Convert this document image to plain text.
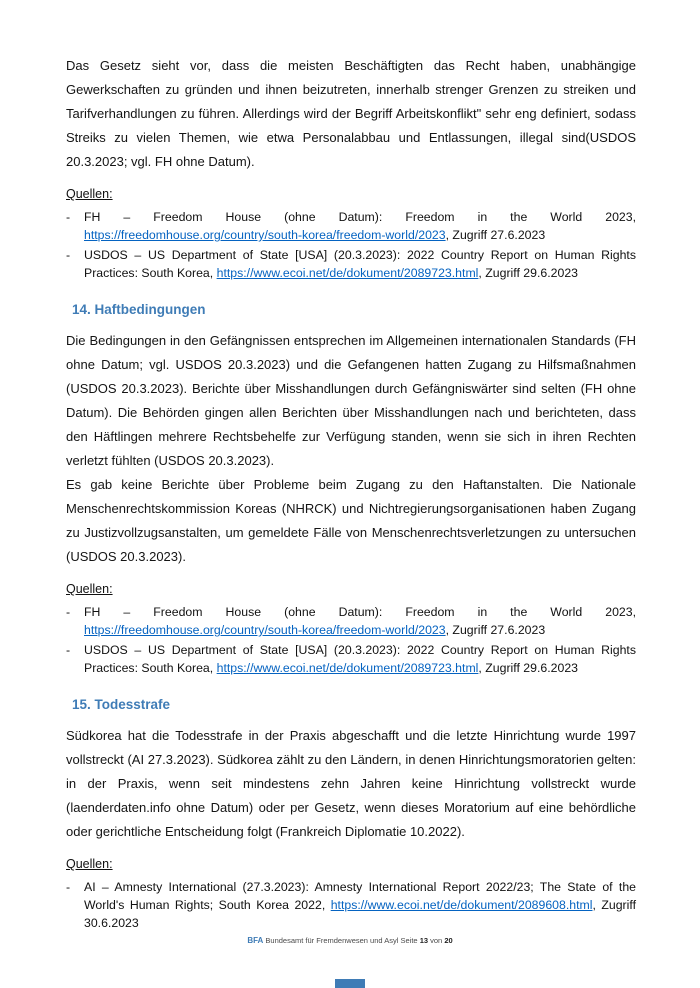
Das Gesetz sieht vor, dass die meisten Beschäftigten das Recht haben, unabhängige Gewerkschaften zu gründen und ihnen beizutreten, innerhalb strenger Grenzen zu streiken und Tarifverhandlungen zu führen. Allerdings wird der Begriff Arbeitskonflikt" sehr eng definiert, sodass Streiks zu vielen Themen, wie etwa Personalabbau und Entlassungen, illegal sind(USDOS 20.3.2023; vgl. FH ohne Datum).

Quellen:
- FH – Freedom House (ohne Datum): Freedom in the World 2023, https://freedomhouse.org/country/south-korea/freedom-world/2023, Zugriff 27.6.2023
- USDOS – US Department of State [USA] (20.3.2023): 2022 Country Report on Human Rights Practices: South Korea, https://www.ecoi.net/de/dokument/2089723.html, Zugriff 29.6.2023
14. Haftbedingungen

Die Bedingungen in den Gefängnissen entsprechen im Allgemeinen internationalen Standards (FH ohne Datum; vgl. USDOS 20.3.2023) und die Gefangenen hatten Zugang zu Hilfsmaßnahmen (USDOS 20.3.2023). Berichte über Misshandlungen durch Gefängniswärter sind selten (FH ohne Datum). Die Behörden gingen allen Berichten über Misshandlungen nach und berichteten, dass den Häftlingen mehrere Rechtsbehelfe zur Verfügung standen, wenn sie sich in ihren Rechten verletzt fühlten (USDOS 20.3.2023).

Es gab keine Berichte über Probleme beim Zugang zu den Haftanstalten. Die Nationale Menschenrechtskommission Koreas (NHRCK) und Nichtregierungsorganisationen haben Zugang zu Justizvollzugsanstalten, um gemeldete Fälle von Menschenrechtsverletzungen zu untersuchen (USDOS 20.3.2023).

Quellen:
- FH – Freedom House (ohne Datum): Freedom in the World 2023, https://freedomhouse.org/country/south-korea/freedom-world/2023, Zugriff 27.6.2023
- USDOS – US Department of State [USA] (20.3.2023): 2022 Country Report on Human Rights Practices: South Korea, https://www.ecoi.net/de/dokument/2089723.html, Zugriff 29.6.2023
15. Todesstrafe

Südkorea hat die Todesstrafe in der Praxis abgeschafft und die letzte Hinrichtung wurde 1997 vollstreckt (AI 27.3.2023). Südkorea zählt zu den Ländern, in denen Hinrichtungsmoratorien gelten: in der Praxis, wenn seit mindestens zehn Jahren keine Hinrichtung vollstreckt wurde (laenderdaten.info ohne Datum) oder per Gesetz, wenn dieses Moratorium auf eine behördliche oder gerichtliche Entscheidung folgt (Frankreich Diplomatie 10.2022).

Quellen:
- AI – Amnesty International (27.3.2023): Amnesty International Report 2022/23; The State of the World's Human Rights; South Korea 2022, https://www.ecoi.net/de/dokument/2089608.html, Zugriff 30.6.2023
BFA Bundesamt für Fremdenwesen und Asyl Seite 13 von 20
